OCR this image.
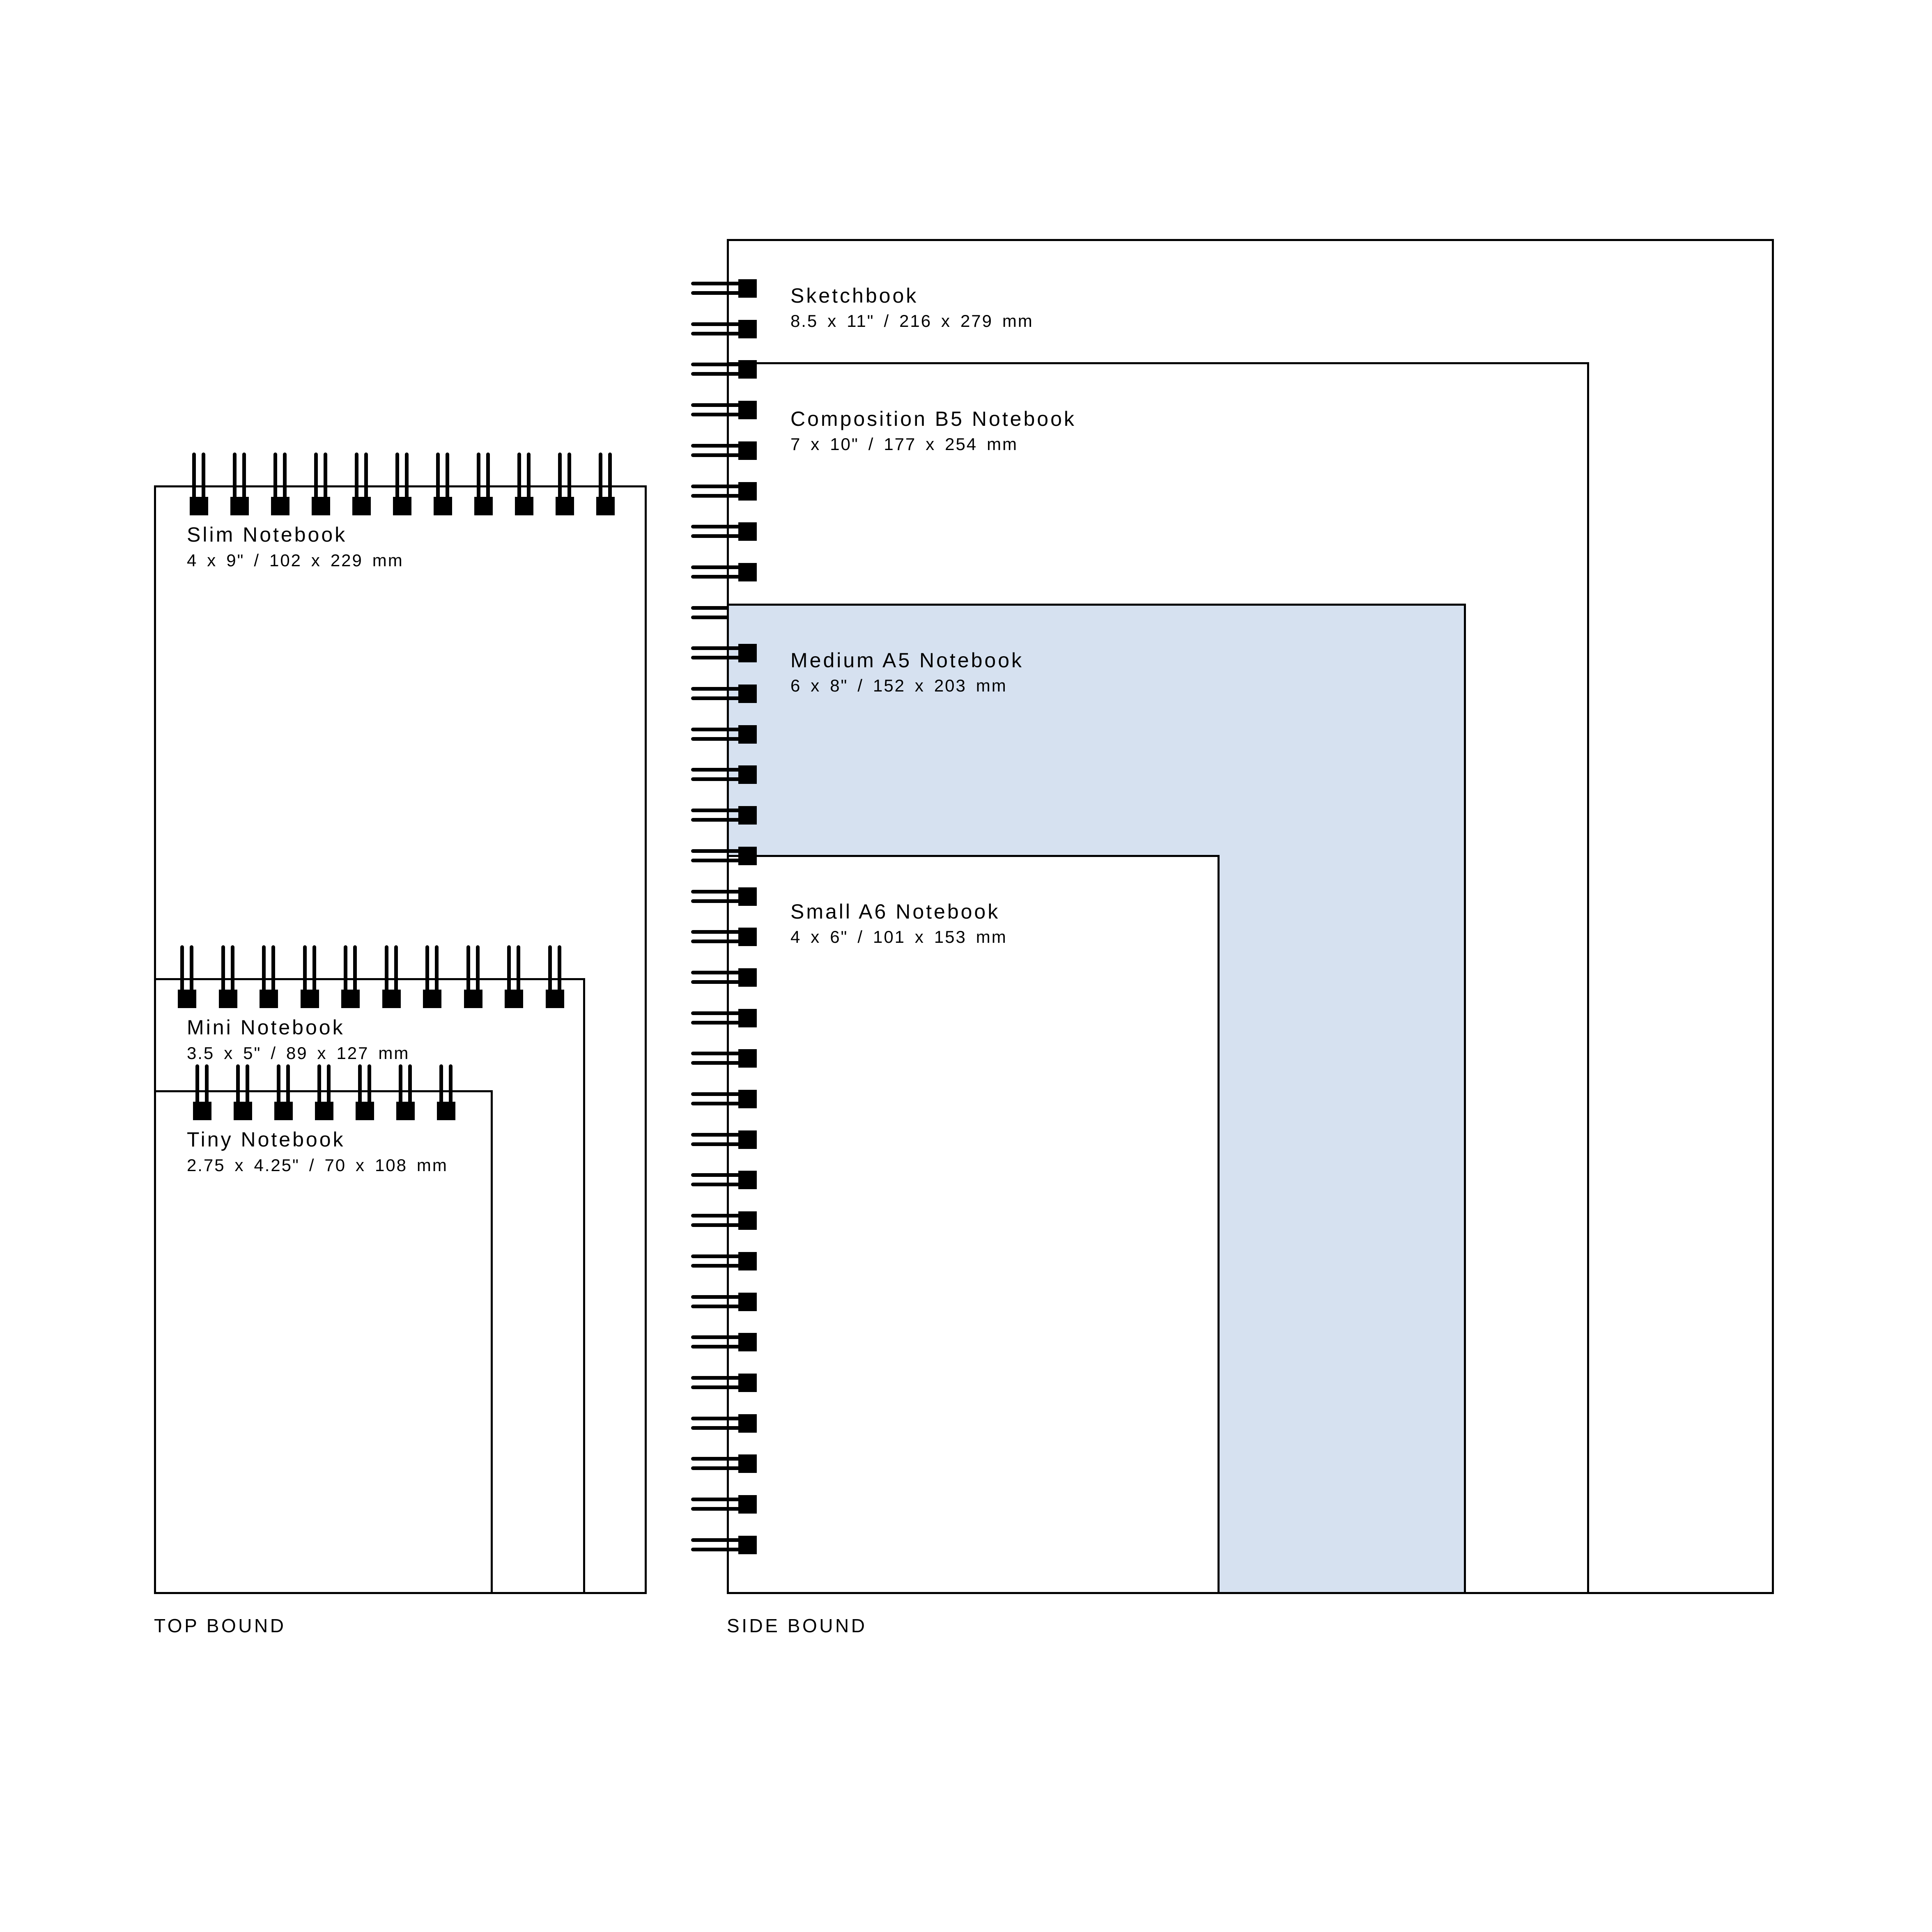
Slim Notebook
4 x 9" / 102 x 229 mm
Mini Notebook
3.5 x 5" / 89 x 127 mm
Tiny Notebook
2.75 x 4.25" / 70 x 108 mm
Sketchbook
8.5 x 11" / 216 x 279 mm
Composition B5 Notebook
7 x 10" / 177 x 254 mm
Medium A5 Notebook
6 x 8" / 152 x 203 mm
Small A6 Notebook
4 x 6" / 101 x 153 mm
TOP BOUND	SIDE BOUND
